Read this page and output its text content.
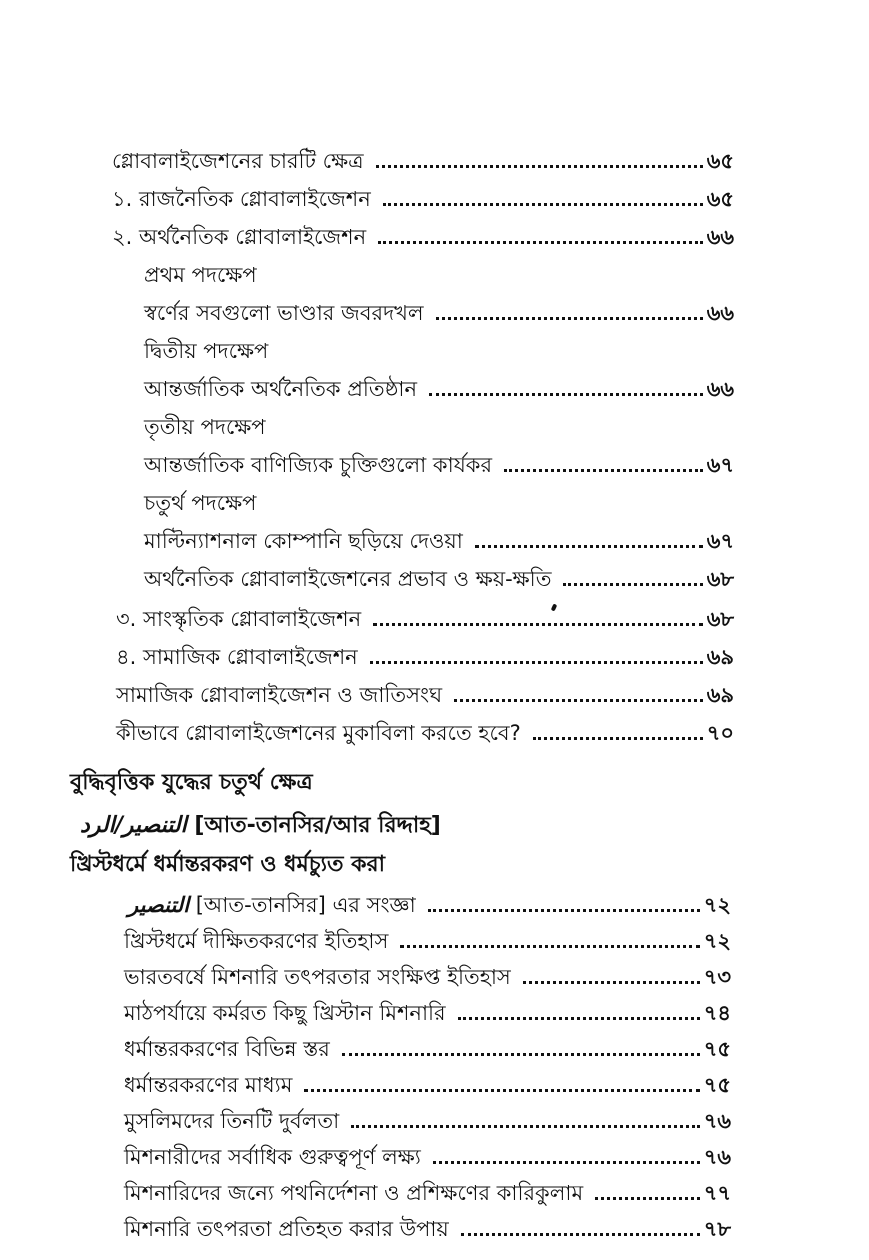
গ্লোবালাইজেশনের চারটি ক্ষেত্র	৬৫
১. রাজনৈতিক গ্লোবালাইজেশন	৬৫
২. অর্থনৈতিক গ্লোবালাইজেশন	৬৬
প্রথম পদক্ষেপ
স্বর্ণের সবগুলো ভাণ্ডার জবরদখল	৬৬
দ্বিতীয় পদক্ষেপ
আন্তর্জাতিক অর্থনৈতিক প্রতিষ্ঠান	৬৬
তৃতীয় পদক্ষেপ
আন্তর্জাতিক বাণিজ্যিক চুক্তিগুলো কার্যকর	৬৭
চতুর্থ পদক্ষেপ
মাল্টিন্যাশনাল কোম্পানি ছড়িয়ে দেওয়া	৬৭
অর্থনৈতিক গ্লোবালাইজেশনের প্রভাব ও ক্ষয়-ক্ষতি	৬৮
৩. সাংস্কৃতিক গ্লোবালাইজেশন	৬৮
৪. সামাজিক গ্লোবালাইজেশন	৬৯
সামাজিক গ্লোবালাইজেশন ও জাতিসংঘ	৬৯
কীভাবে গ্লোবালাইজেশনের মুকাবিলা করতে হবে?	৭০
বুদ্ধিবৃত্তিক যুদ্ধের চতুর্থ ক্ষেত্র
التنصير/الرد [আত-তানসির/আর রিদ্দাহ]
খ্রিস্টধর্মে ধর্মান্তরকরণ ও ধর্মচ্যুত করা
التنصير [আত-তানসির] এর সংজ্ঞা	৭২
খ্রিস্টধর্মে দীক্ষিতকরণের ইতিহাস	৭২
ভারতবর্ষে মিশনারি তৎপরতার সংক্ষিপ্ত ইতিহাস	৭৩
মাঠপর্যায়ে কর্মরত কিছু খ্রিস্টান মিশনারি	৭৪
ধর্মান্তরকরণের বিভিন্ন স্তর	৭৫
ধর্মান্তরকরণের মাধ্যম	৭৫
মুসলিমদের তিনটি দুর্বলতা	৭৬
মিশনারীদের সর্বাধিক গুরুত্বপূর্ণ লক্ষ্য	৭৬
মিশনারিদের জন্যে পথনির্দেশনা ও প্রশিক্ষণের কারিকুলাম	৭৭
মিশনারি তৎপরতা প্রতিহত করার উপায়	৭৮
